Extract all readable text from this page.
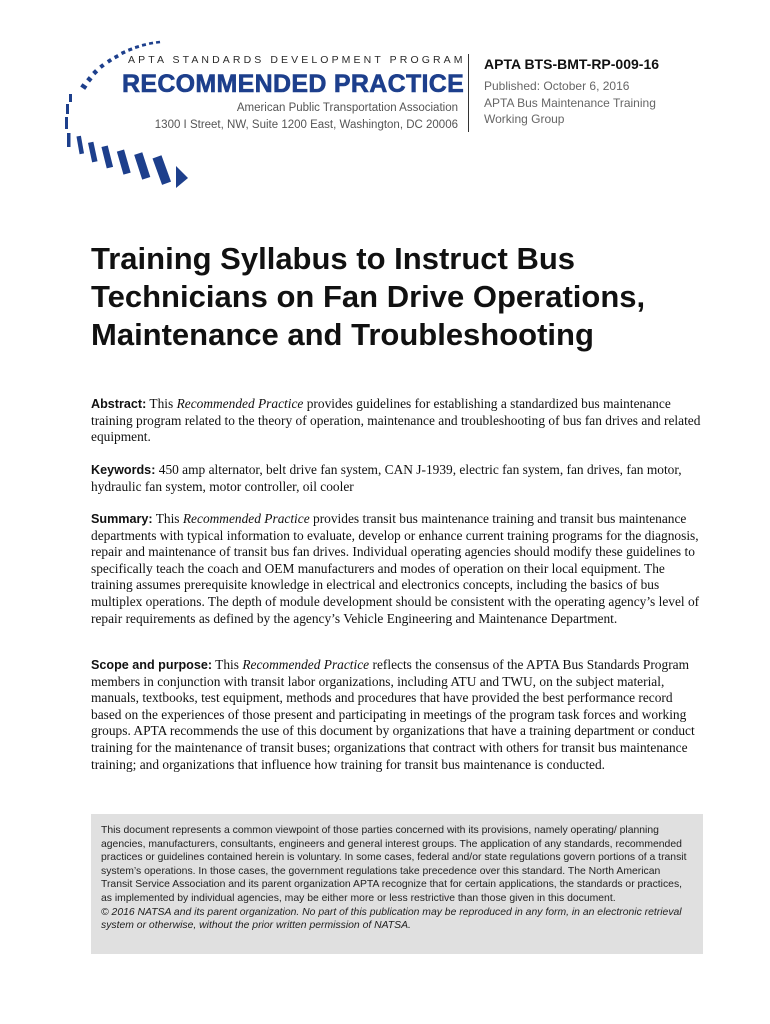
APTA STANDARDS DEVELOPMENT PROGRAM
RECOMMENDED PRACTICE
American Public Transportation Association
1300 I Street, NW, Suite 1200 East, Washington, DC 20006
APTA BTS-BMT-RP-009-16
Published: October 6, 2016
APTA Bus Maintenance Training
Working Group
Training Syllabus to Instruct Bus
Technicians on Fan Drive Operations,
Maintenance and Troubleshooting
Abstract: This Recommended Practice provides guidelines for establishing a standardized bus maintenance training program related to the theory of operation, maintenance and troubleshooting of bus fan drives and related equipment.
Keywords: 450 amp alternator, belt drive fan system, CAN J-1939, electric fan system, fan drives, fan motor, hydraulic fan system, motor controller, oil cooler
Summary: This Recommended Practice provides transit bus maintenance training and transit bus maintenance departments with typical information to evaluate, develop or enhance current training programs for the diagnosis, repair and maintenance of transit bus fan drives. Individual operating agencies should modify these guidelines to specifically teach the coach and OEM manufacturers and modes of operation on their local equipment. The training assumes prerequisite knowledge in electrical and electronics concepts, including the basics of bus multiplex operations. The depth of module development should be consistent with the operating agency’s level of repair requirements as defined by the agency’s Vehicle Engineering and Maintenance Department.
Scope and purpose: This Recommended Practice reflects the consensus of the APTA Bus Standards Program members in conjunction with transit labor organizations, including ATU and TWU, on the subject material, manuals, textbooks, test equipment, methods and procedures that have provided the best performance record based on the experiences of those present and participating in meetings of the program task forces and working groups. APTA recommends the use of this document by organizations that have a training department or conduct training for the maintenance of transit buses; organizations that contract with others for transit bus maintenance training; and organizations that influence how training for transit bus maintenance is conducted.
This document represents a common viewpoint of those parties concerned with its provisions, namely operating/ planning agencies, manufacturers, consultants, engineers and general interest groups. The application of any standards, recommended practices or guidelines contained herein is voluntary. In some cases, federal and/or state regulations govern portions of a transit system’s operations. In those cases, the government regulations take precedence over this standard. The North American Transit Service Association and its parent organization APTA recognize that for certain applications, the standards or practices, as implemented by individual agencies, may be either more or less restrictive than those given in this document.
© 2016 NATSA and its parent organization. No part of this publication may be reproduced in any form, in an electronic retrieval system or otherwise, without the prior written permission of NATSA.
